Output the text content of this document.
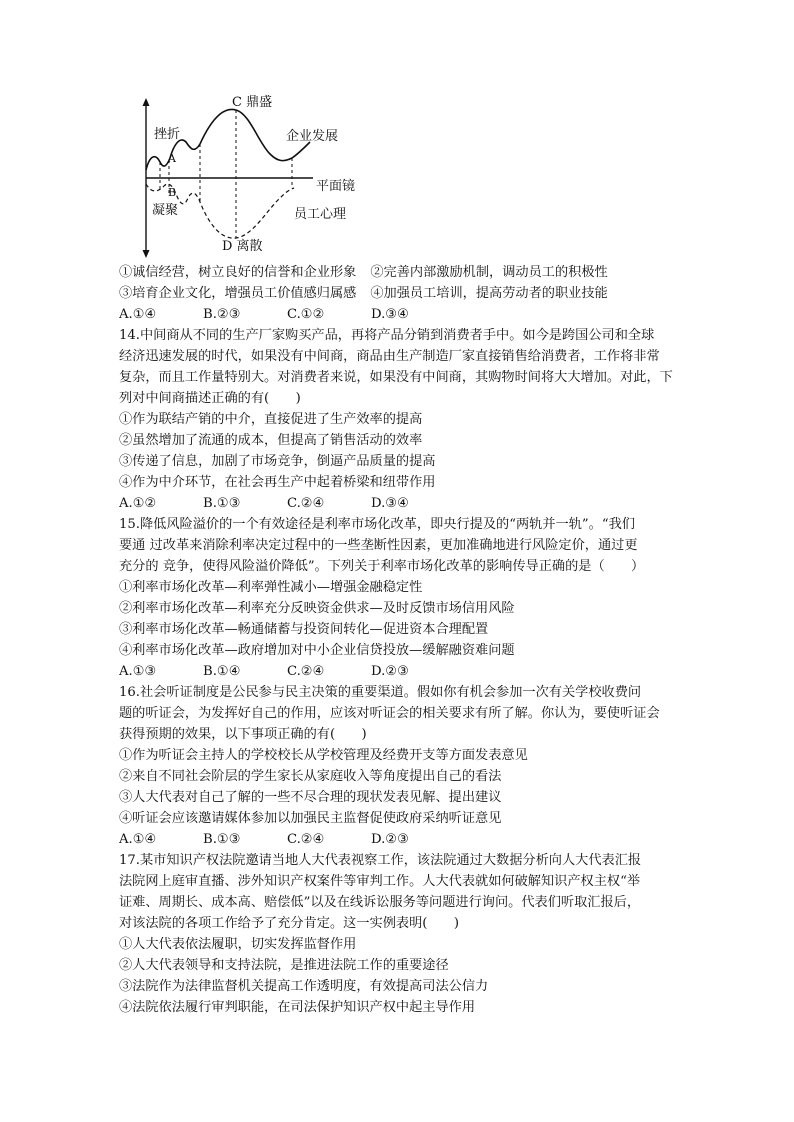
C 鼎盛
挫折
A
B
凝聚
D 离散
企业发展
平面镜
员工心理
①诚信经营，树立良好的信誉和企业形象 ②完善内部激励机制，调动员工的积极性
③培育企业文化，增强员工价值感归属感 ④加强员工培训，提高劳动者的职业技能
A.①④	B.②③	C.①②	D.③④
14.中间商从不同的生产厂家购买产品，再将产品分销到消费者手中。如今是跨国公司和全球
经济迅速发展的时代，如果没有中间商，商品由生产制造厂家直接销售给消费者，工作将非常
复杂，而且工作量特别大。对消费者来说，如果没有中间商，其购物时间将大大增加。对此，下
列对中间商描述正确的有(　　)
①作为联结产销的中介，直接促进了生产效率的提高
②虽然增加了流通的成本，但提高了销售活动的效率
③传递了信息，加剧了市场竞争，倒逼产品质量的提高
④作为中介环节，在社会再生产中起着桥梁和纽带作用
A.①②	B.①③	C.②④	D.③④
15.降低风险溢价的一个有效途径是利率市场化改革，即央行提及的“两轨并一轨”。“我们
要通 过改革来消除利率决定过程中的一些垄断性因素，更加准确地进行风险定价，通过更
充分的 竞争，使得风险溢价降低”。下列关于利率市场化改革的影响传导正确的是（　　）
①利率市场化改革—利率弹性减小—增强金融稳定性
②利率市场化改革—利率充分反映资金供求—及时反馈市场信用风险
③利率市场化改革—畅通储蓄与投资间转化—促进资本合理配置
④利率市场化改革—政府增加对中小企业信贷投放—缓解融资难问题
A.①③	B.①④	C.②④	D.②③
16.社会听证制度是公民参与民主决策的重要渠道。假如你有机会参加一次有关学校收费问
题的听证会，为发挥好自己的作用，应该对听证会的相关要求有所了解。你认为，要使听证会
获得预期的效果，以下事项正确的有(　　)
①作为听证会主持人的学校校长从学校管理及经费开支等方面发表意见
②来自不同社会阶层的学生家长从家庭收入等角度提出自己的看法
③人大代表对自己了解的一些不尽合理的现状发表见解、提出建议
④听证会应该邀请媒体参加以加强民主监督促使政府采纳听证意见
A.①④	B.①③	C.②④	D.②③
17.某市知识产权法院邀请当地人大代表视察工作，该法院通过大数据分析向人大代表汇报
法院网上庭审直播、涉外知识产权案件等审判工作。人大代表就如何破解知识产权主权“举
证难、周期长、成本高、赔偿低”以及在线诉讼服务等问题进行询问。代表们听取汇报后，
对该法院的各项工作给予了充分肯定。这一实例表明(　　)
①人大代表依法履职，切实发挥监督作用
②人大代表领导和支持法院，是推进法院工作的重要途径
③法院作为法律监督机关提高工作透明度，有效提高司法公信力
④法院依法履行审判职能，在司法保护知识产权中起主导作用
